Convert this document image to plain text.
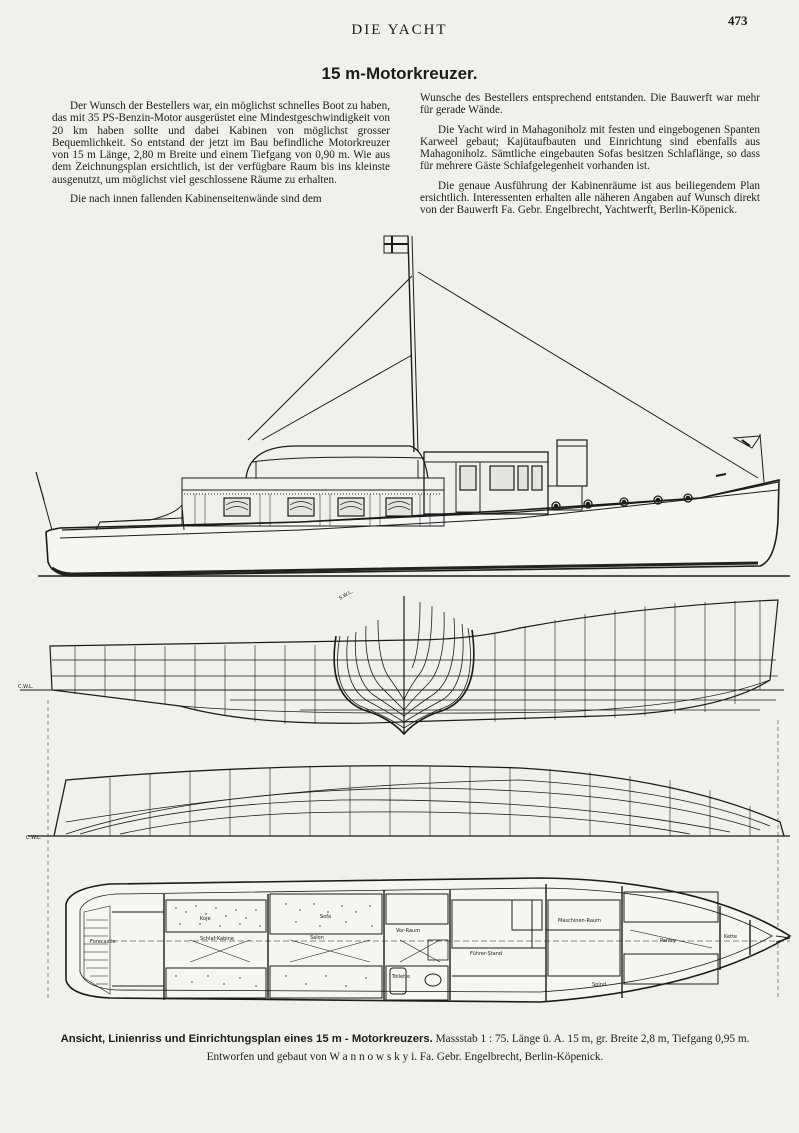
DIE YACHT
473
15 m-Motorkreuzer.

Der Wunsch der Bestellers war, ein möglichst schnelles Boot zu haben, das mit 35 PS-Benzin-Motor ausgerüstet eine Mindestgeschwindigkeit von 20 km haben sollte und dabei Kabinen von möglichst grosser Bequemlichkeit. So entstand der jetzt im Bau befindliche Motorkreuzer von 15 m Länge, 2,80 m Breite und einem Tiefgang von 0,90 m. Wie aus dem Zeichnungsplan ersichtlich, ist der verfügbare Raum bis ins kleinste ausgenutzt, um möglichst viel geschlossene Räume zu erhalten.

Die nach innen fallenden Kabinenseitenwände sind dem

Wunsche des Bestellers entsprechend entstanden. Die Bauwerft war mehr für gerade Wände.

Die Yacht wird in Mahagoniholz mit festen und eingebogenen Spanten Karweel gebaut; Kajütaufbauten und Einrichtung sind ebenfalls aus Mahagoniholz. Sämtliche eingebauten Sofas besitzen Schlaflänge, so dass für mehrere Gäste Schlafgelegenheit vorhanden ist.

Die genaue Ausführung der Kabinenräume ist aus beiliegendem Plan ersichtlich. Interessenten erhalten alle näheren Angaben auf Wunsch direkt von der Bauwerft Fa. Gebr. Engelbrecht, Yachtwerft, Berlin-Köpenick.

S.W.L.
C.W.L.
C.W.L.
Forecastle	Schlaf-Kabine	Salon
Vor-Raum
Führer-Stand
Maschinen-Raum
Pantry
Toilette
Sofa
Koje
Kette
Spind
Ansicht, Linienriss und Einrichtungsplan eines 15 m - Motorkreuzers. Massstab 1 : 75. Länge ü. A. 15 m, gr. Breite 2,8 m, Tiefgang 0,95 m.
Entworfen und gebaut von W a n n o w s k y i. Fa. Gebr. Engelbrecht, Berlin-Köpenick.
